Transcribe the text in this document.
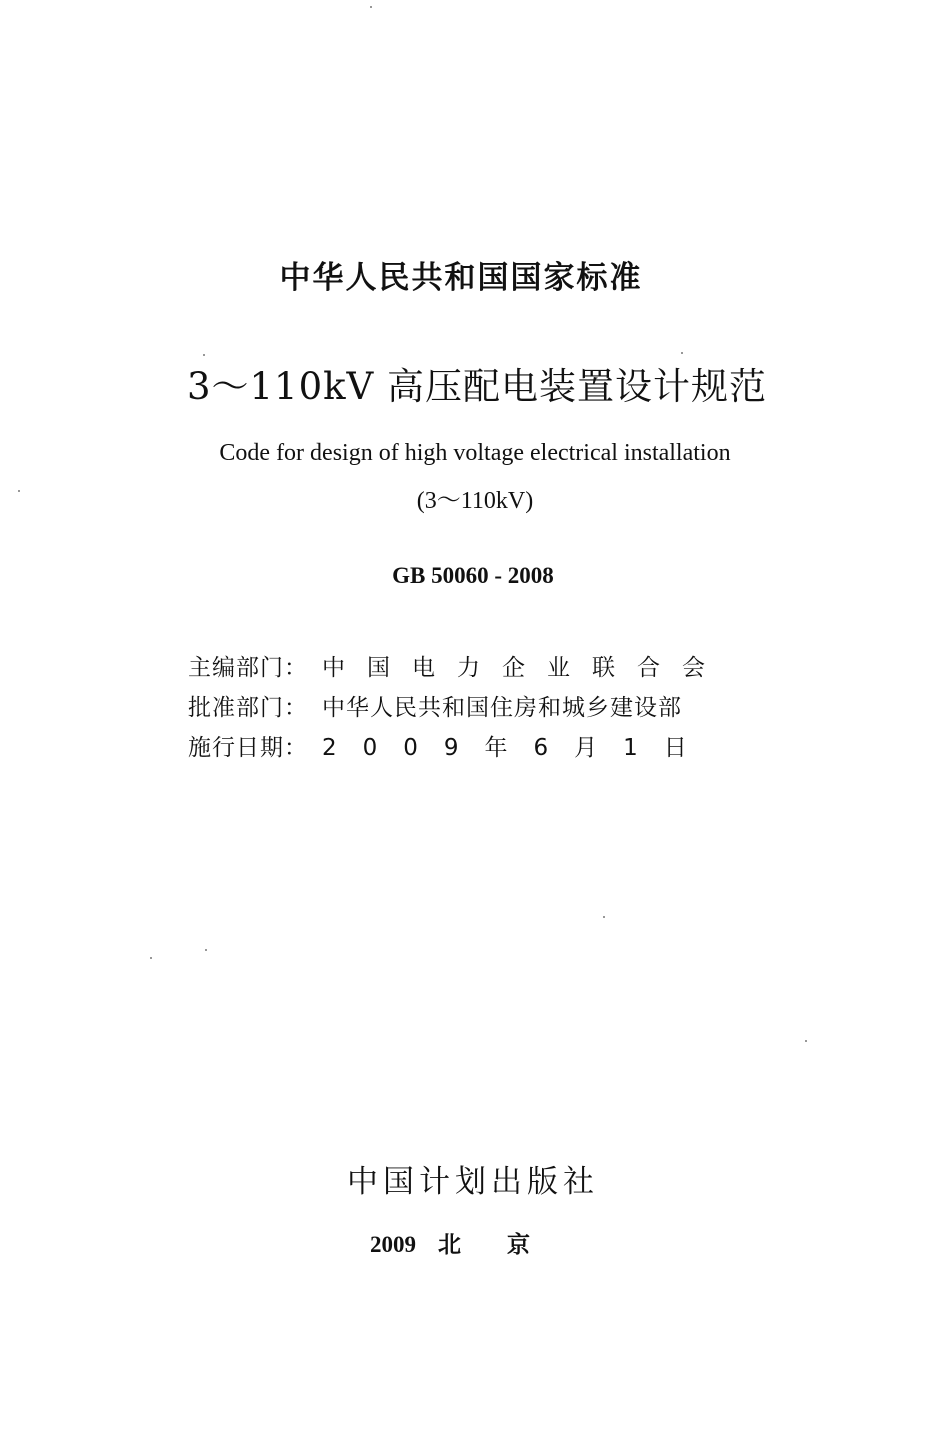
中华人民共和国国家标准
3～110kV 高压配电装置设计规范
Code for design of high voltage electrical installation
(3～110kV)
GB 50060 - 2008
主编部门： 中国电力企业联合会
批准部门： 中华人民共和国住房和城乡建设部
施行日期： 2009年6月1日
中国计划出版社
2009 北京
